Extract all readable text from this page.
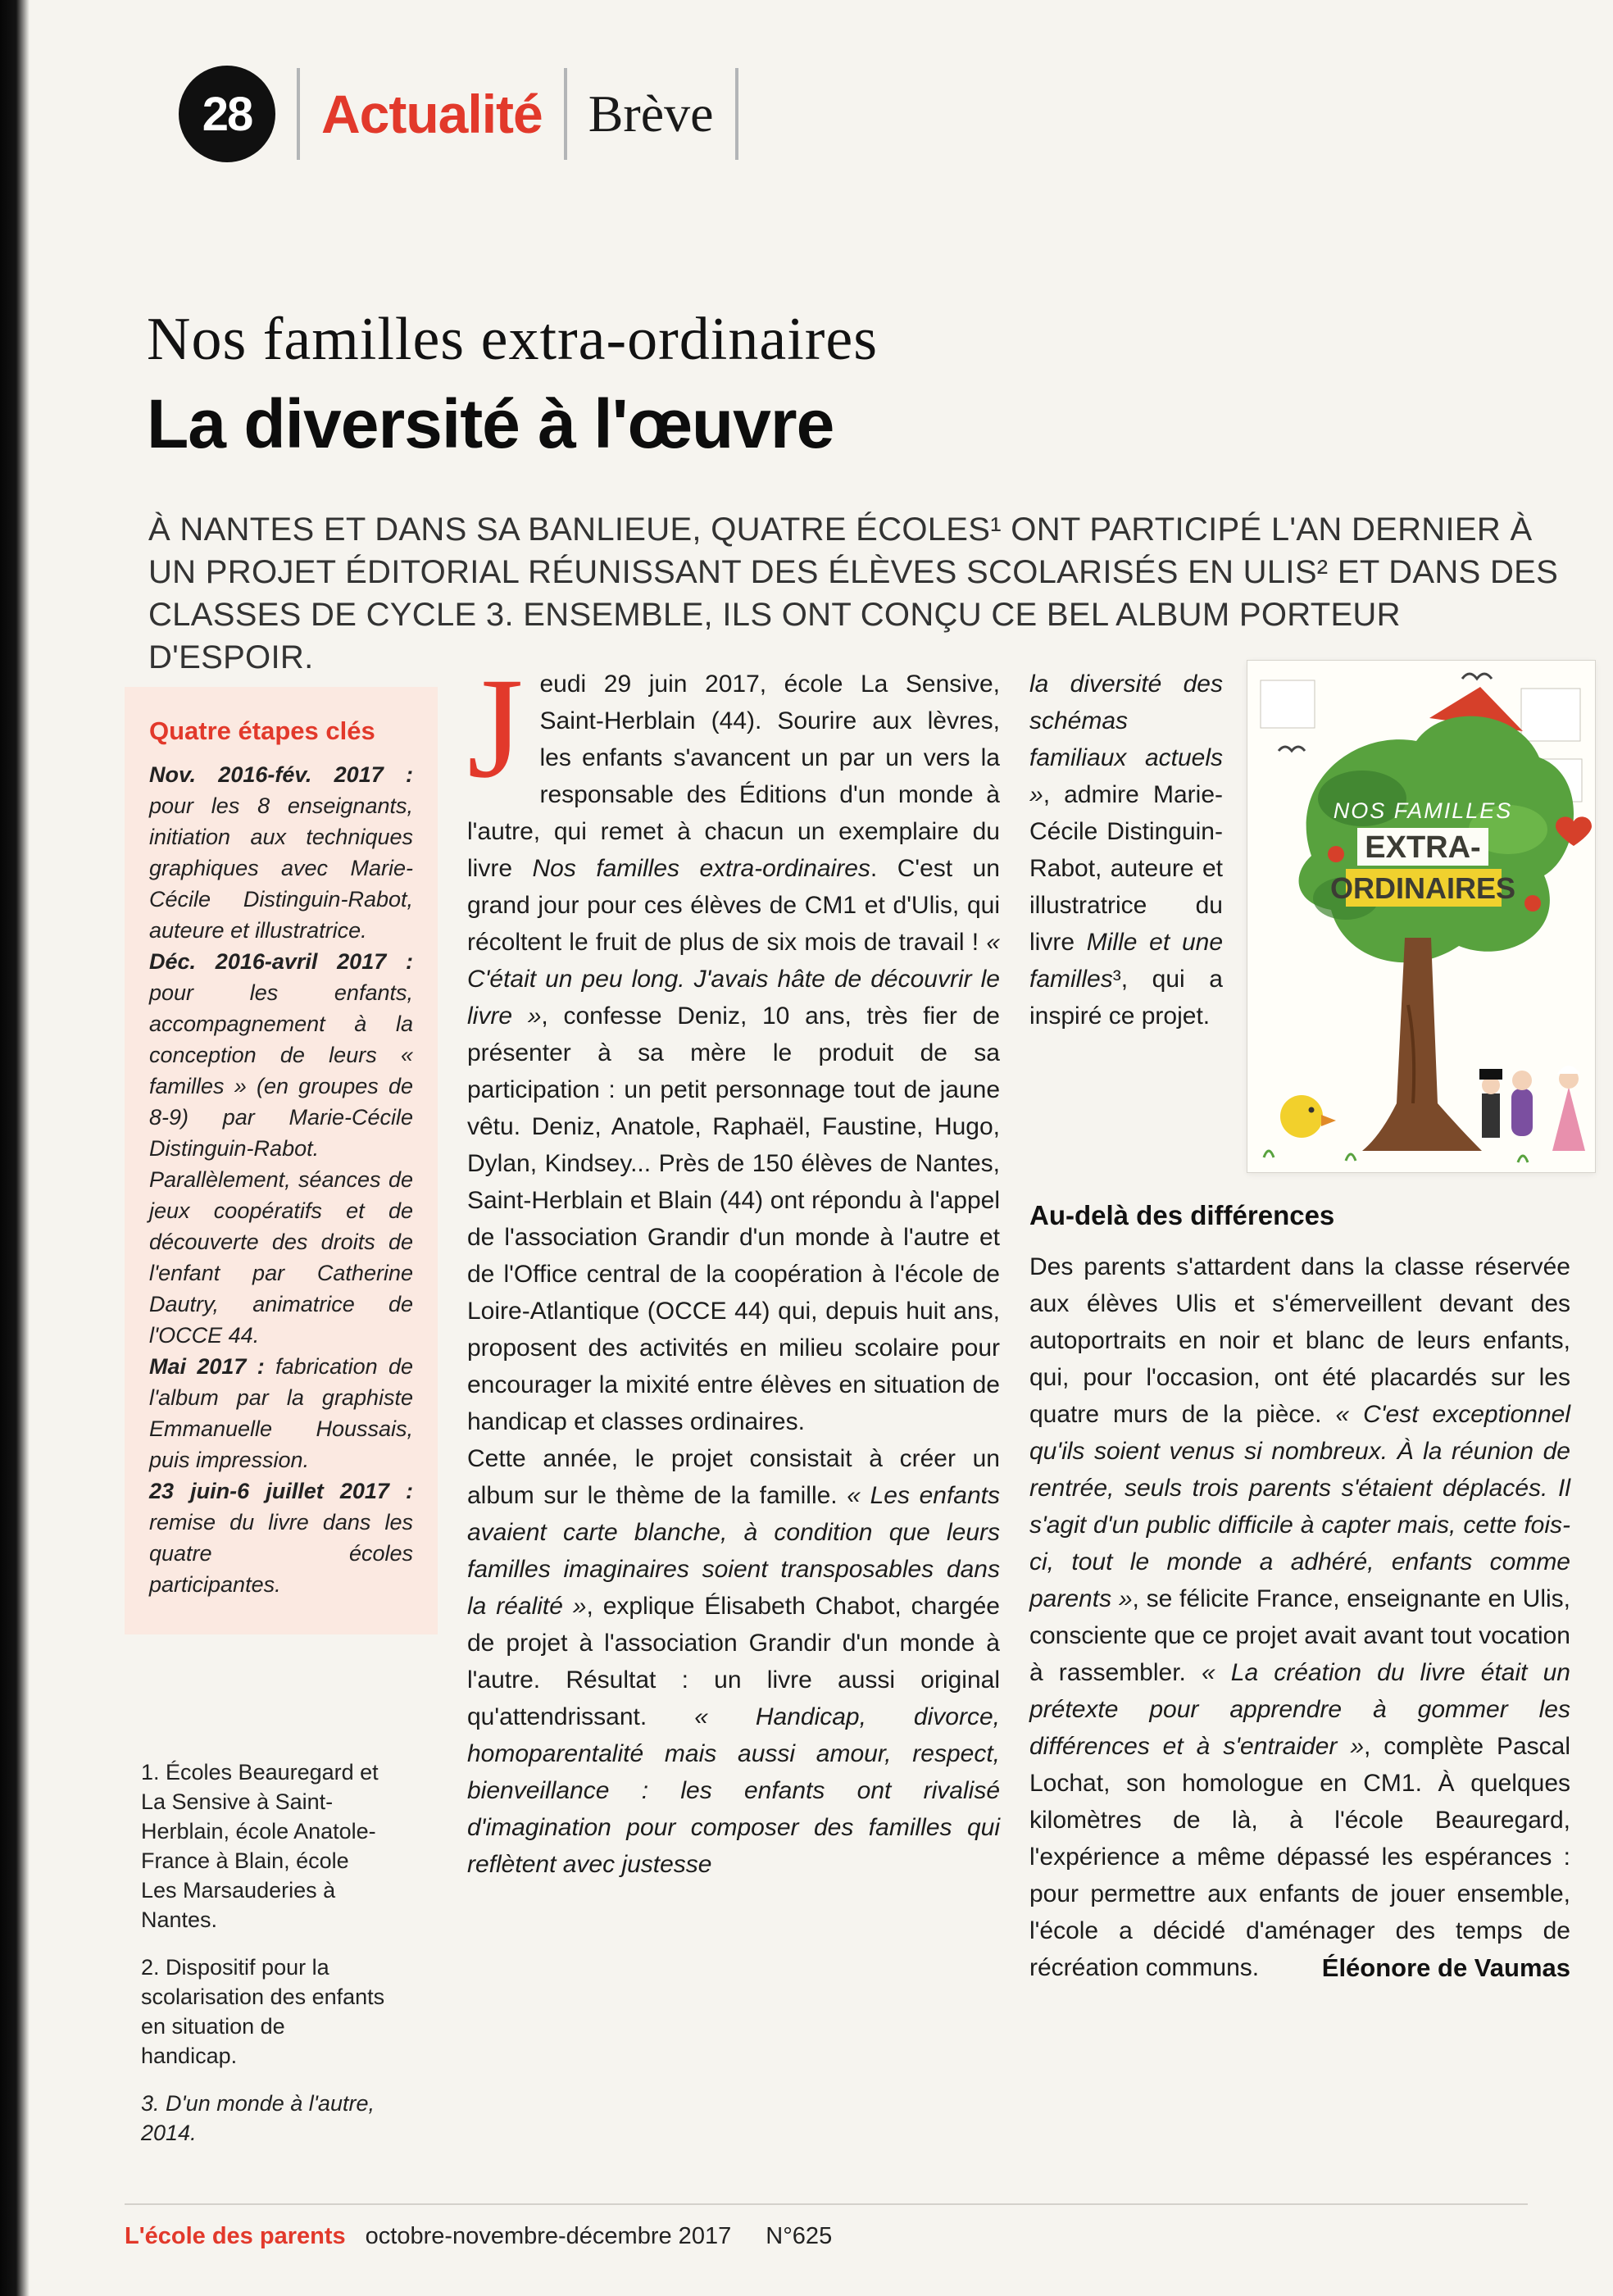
28 Actualité Brève
Nos familles extra-ordinaires
La diversité à l'œuvre
À NANTES ET DANS SA BANLIEUE, QUATRE ÉCOLES¹ ONT PARTICIPÉ L'AN DERNIER À UN PROJET ÉDITORIAL RÉUNISSANT DES ÉLÈVES SCOLARISÉS EN ULIS² ET DANS DES CLASSES DE CYCLE 3. ENSEMBLE, ILS ONT CONÇU CE BEL ALBUM PORTEUR D'ESPOIR.
Quatre étapes clés
Nov. 2016-fév. 2017 : pour les 8 enseignants, initiation aux techniques graphiques avec Marie-Cécile Distinguin-Rabot, auteure et illustratrice.
Déc. 2016-avril 2017 : pour les enfants, accompagnement à la conception de leurs « familles » (en groupes de 8-9) par Marie-Cécile Distinguin-Rabot. Parallèlement, séances de jeux coopératifs et de découverte des droits de l'enfant par Catherine Dautry, animatrice de l'OCCE 44.
Mai 2017 : fabrication de l'album par la graphiste Emmanuelle Houssais, puis impression.
23 juin-6 juillet 2017 : remise du livre dans les quatre écoles participantes.
1. Écoles Beauregard et La Sensive à Saint-Herblain, école Anatole-France à Blain, école Les Marsauderies à Nantes.
2. Dispositif pour la scolarisation des enfants en situation de handicap.
3. D'un monde à l'autre, 2014.

Jeudi 29 juin 2017, école La Sensive, Saint-Herblain (44). Sourire aux lèvres, les enfants s'avancent un par un vers la responsable des Éditions d'un monde à l'autre, qui remet à chacun un exemplaire du livre Nos familles extra-ordinaires. C'est un grand jour pour ces élèves de CM1 et d'Ulis, qui récoltent le fruit de plus de six mois de travail ! « C'était un peu long. J'avais hâte de découvrir le livre », confesse Deniz, 10 ans, très fier de présenter à sa mère le produit de sa participation : un petit personnage tout de jaune vêtu. Deniz, Anatole, Raphaël, Faustine, Hugo, Dylan, Kindsey... Près de 150 élèves de Nantes, Saint-Herblain et Blain (44) ont répondu à l'appel de l'association Grandir d'un monde à l'autre et de l'Office central de la coopération à l'école de Loire-Atlantique (OCCE 44) qui, depuis huit ans, proposent des activités en milieu scolaire pour encourager la mixité entre élèves en situation de handicap et classes ordinaires.

Cette année, le projet consistait à créer un album sur le thème de la famille. « Les enfants avaient carte blanche, à condition que leurs familles imaginaires soient transposables dans la réalité », explique Élisabeth Chabot, chargée de projet à l'association Grandir d'un monde à l'autre. Résultat : un livre aussi original qu'attendrissant. « Handicap, divorce, homoparentalité mais aussi amour, respect, bienveillance : les enfants ont rivalisé d'imagination pour composer des familles qui reflètent avec justesse

NOS FAMILLES
EXTRA-
ORDINAIRES

la diversité des schémas familiaux actuels », admire Marie-Cécile Distinguin-Rabot, auteure et illustratrice du livre Mille et une familles³, qui a inspiré ce projet.

Au-delà des différences

Des parents s'attardent dans la classe réservée aux élèves Ulis et s'émerveillent devant des autoportraits en noir et blanc de leurs enfants, qui, pour l'occasion, ont été placardés sur les quatre murs de la pièce. « C'est exceptionnel qu'ils soient venus si nombreux. À la réunion de rentrée, seuls trois parents s'étaient déplacés. Il s'agit d'un public difficile à capter mais, cette fois-ci, tout le monde a adhéré, enfants comme parents », se félicite France, enseignante en Ulis, consciente que ce projet avait avant tout vocation à rassembler. « La création du livre était un prétexte pour apprendre à gommer les différences et à s'entraider », complète Pascal Lochat, son homologue en CM1. À quelques kilomètres de là, à l'école Beauregard, l'expérience a même dépassé les espérances : pour permettre aux enfants de jouer ensemble, l'école a décidé d'aménager des temps de récréation communs.	Éléonore de Vaumas
L'école des parents octobre-novembre-décembre 2017 N°625
